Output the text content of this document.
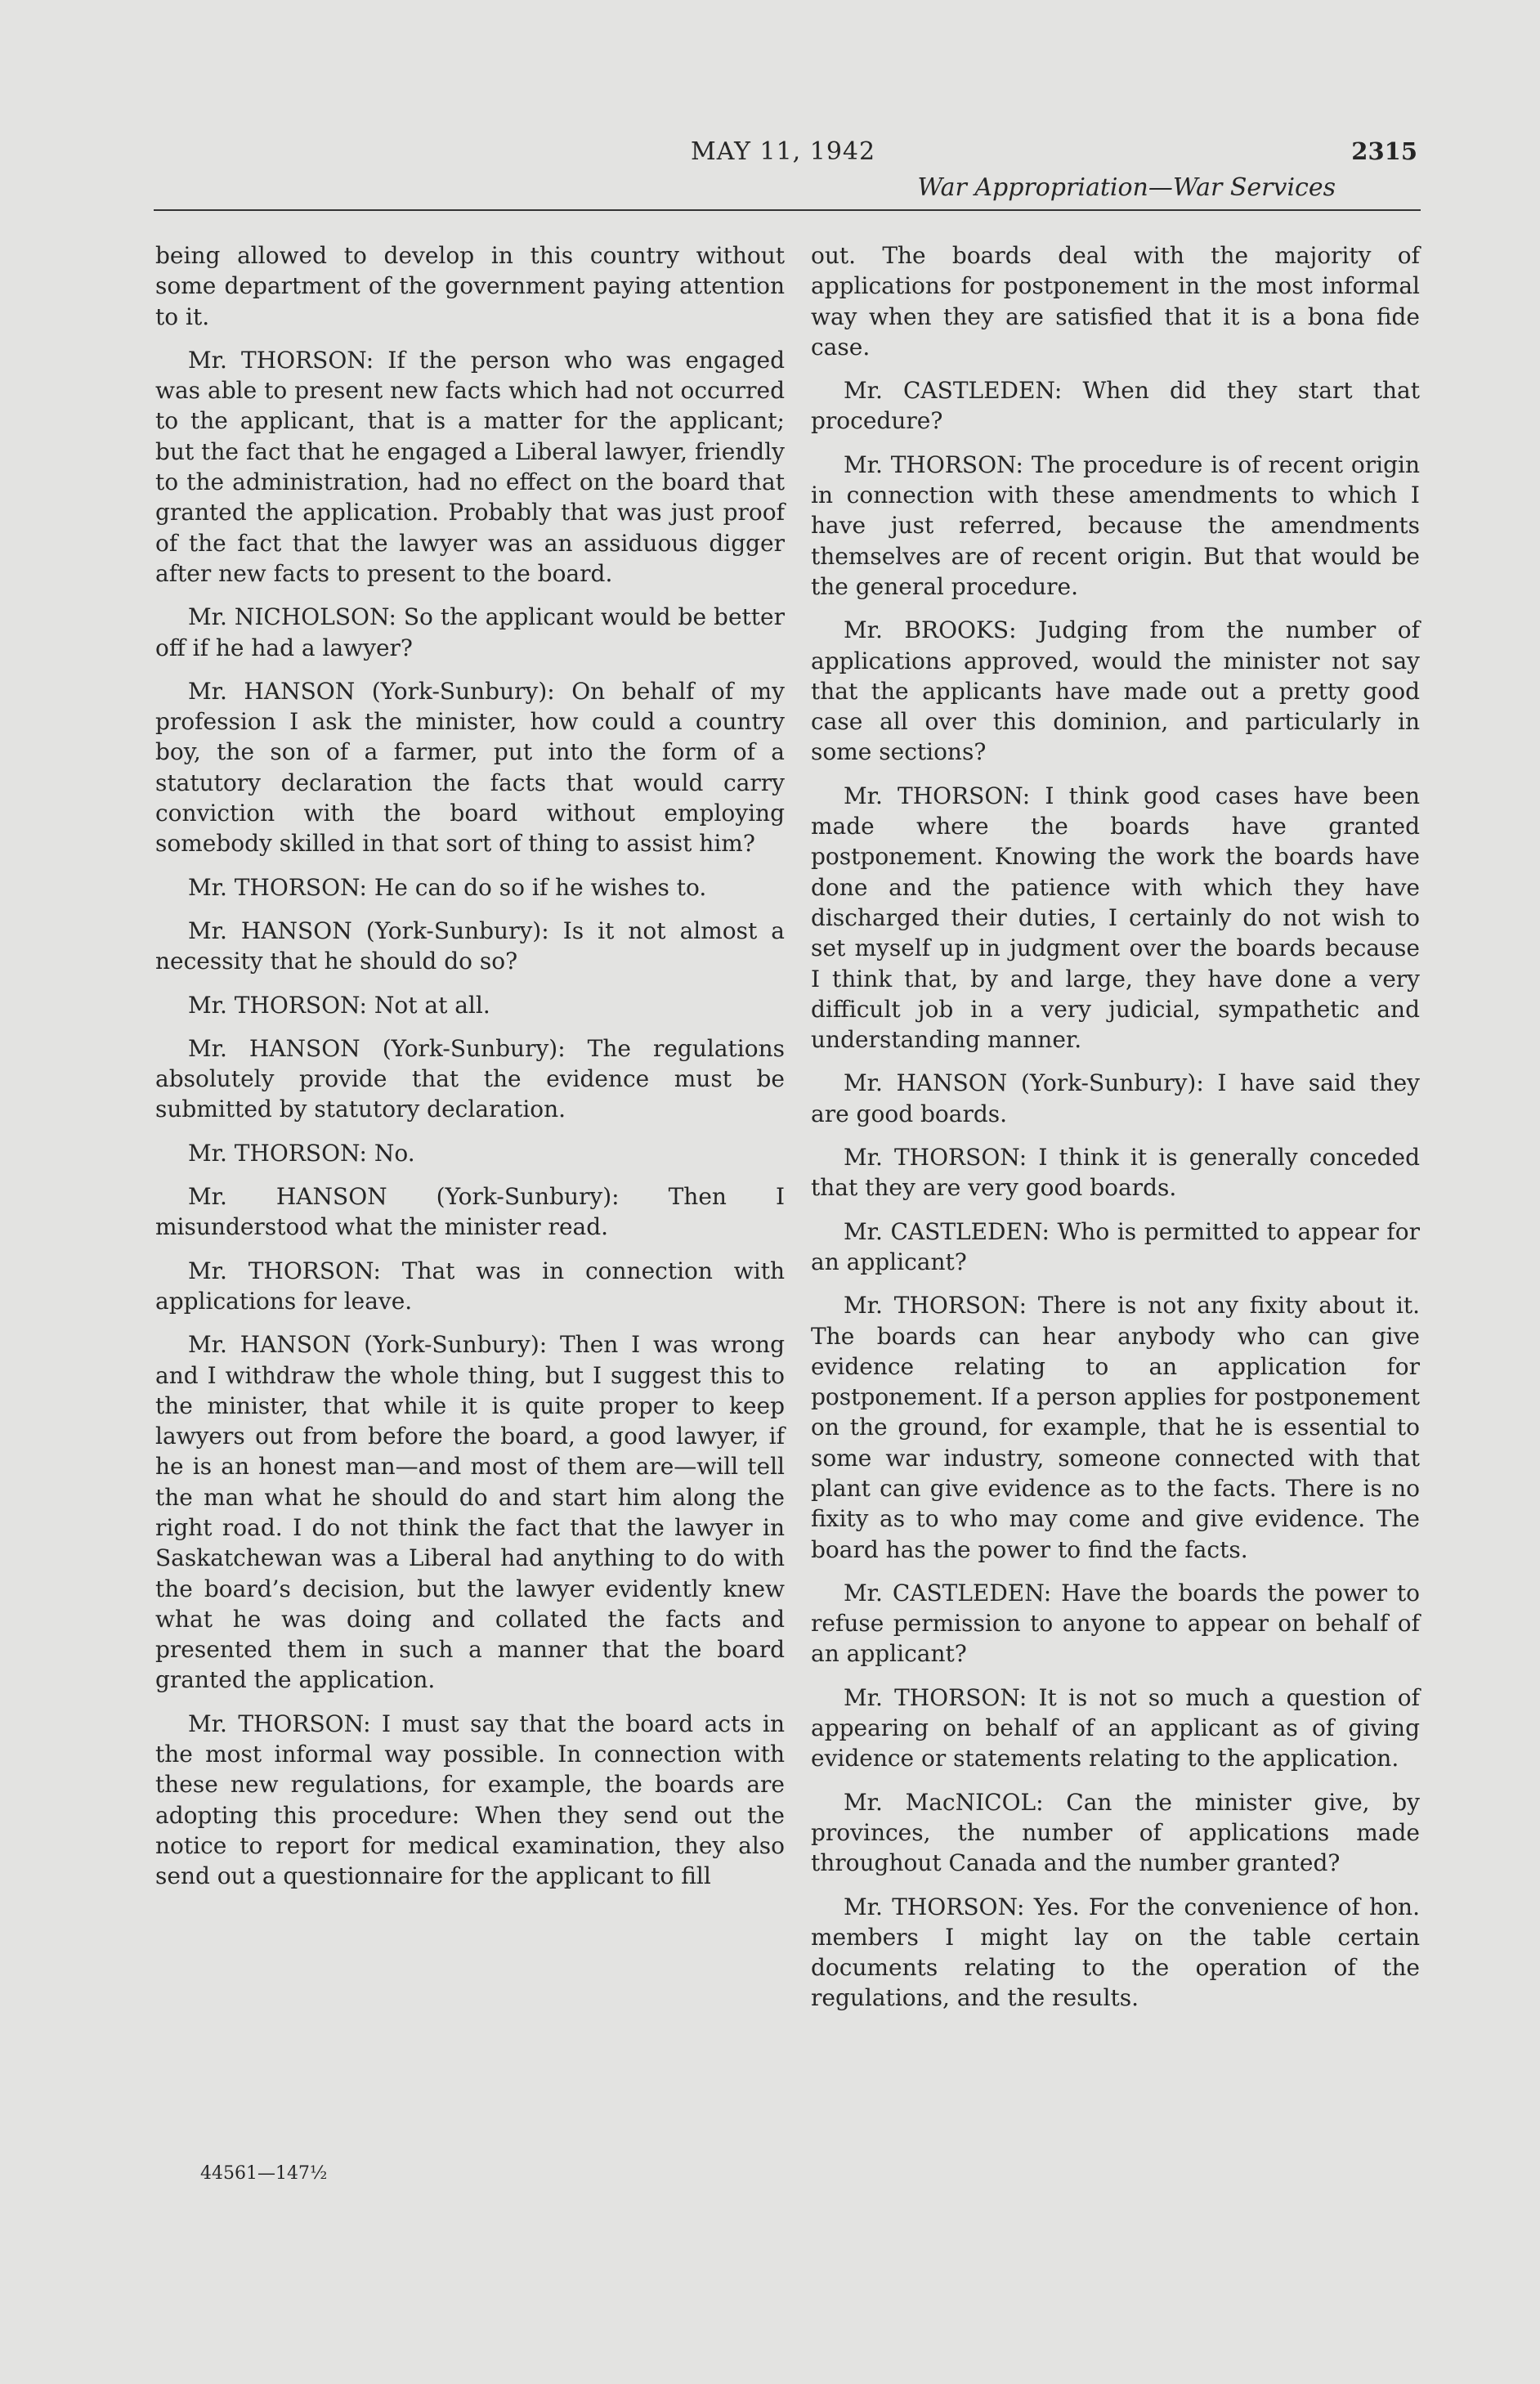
MAY 11, 1942	2315
War Appropriation—War Services

being allowed to develop in this country without some department of the government paying attention to it.

Mr. THORSON: If the person who was engaged was able to present new facts which had not occurred to the applicant, that is a matter for the applicant; but the fact that he engaged a Liberal lawyer, friendly to the administration, had no effect on the board that granted the application. Probably that was just proof of the fact that the lawyer was an assiduous digger after new facts to present to the board.

Mr. NICHOLSON: So the applicant would be better off if he had a lawyer?

Mr. HANSON (York-Sunbury): On behalf of my profession I ask the minister, how could a country boy, the son of a farmer, put into the form of a statutory declaration the facts that would carry conviction with the board without employing somebody skilled in that sort of thing to assist him?

Mr. THORSON: He can do so if he wishes to.

Mr. HANSON (York-Sunbury): Is it not almost a necessity that he should do so?

Mr. THORSON: Not at all.

Mr. HANSON (York-Sunbury): The regulations absolutely provide that the evidence must be submitted by statutory declaration.

Mr. THORSON: No.

Mr. HANSON (York-Sunbury): Then I misunderstood what the minister read.

Mr. THORSON: That was in connection with applications for leave.

Mr. HANSON (York-Sunbury): Then I was wrong and I withdraw the whole thing, but I suggest this to the minister, that while it is quite proper to keep lawyers out from before the board, a good lawyer, if he is an honest man—and most of them are—will tell the man what he should do and start him along the right road. I do not think the fact that the lawyer in Saskatchewan was a Liberal had anything to do with the board’s decision, but the lawyer evidently knew what he was doing and collated the facts and presented them in such a manner that the board granted the application.

Mr. THORSON: I must say that the board acts in the most informal way possible. In connection with these new regulations, for example, the boards are adopting this procedure: When they send out the notice to report for medical examination, they also send out a questionnaire for the applicant to fill

out. The boards deal with the majority of applications for postponement in the most informal way when they are satisfied that it is a bona fide case.

Mr. CASTLEDEN: When did they start that procedure?

Mr. THORSON: The procedure is of recent origin in connection with these amendments to which I have just referred, because the amendments themselves are of recent origin. But that would be the general procedure.

Mr. BROOKS: Judging from the number of applications approved, would the minister not say that the applicants have made out a pretty good case all over this dominion, and particularly in some sections?

Mr. THORSON: I think good cases have been made where the boards have granted postponement. Knowing the work the boards have done and the patience with which they have discharged their duties, I certainly do not wish to set myself up in judgment over the boards because I think that, by and large, they have done a very difficult job in a very judicial, sympathetic and understanding manner.

Mr. HANSON (York-Sunbury): I have said they are good boards.

Mr. THORSON: I think it is generally conceded that they are very good boards.

Mr. CASTLEDEN: Who is permitted to appear for an applicant?

Mr. THORSON: There is not any fixity about it. The boards can hear anybody who can give evidence relating to an application for postponement. If a person applies for postponement on the ground, for example, that he is essential to some war industry, someone connected with that plant can give evidence as to the facts. There is no fixity as to who may come and give evidence. The board has the power to find the facts.

Mr. CASTLEDEN: Have the boards the power to refuse permission to anyone to appear on behalf of an applicant?

Mr. THORSON: It is not so much a question of appearing on behalf of an applicant as of giving evidence or statements relating to the application.

Mr. MacNICOL: Can the minister give, by provinces, the number of applications made throughout Canada and the number granted?

Mr. THORSON: Yes. For the convenience of hon. members I might lay on the table certain documents relating to the operation of the regulations, and the results.

44561—147½
